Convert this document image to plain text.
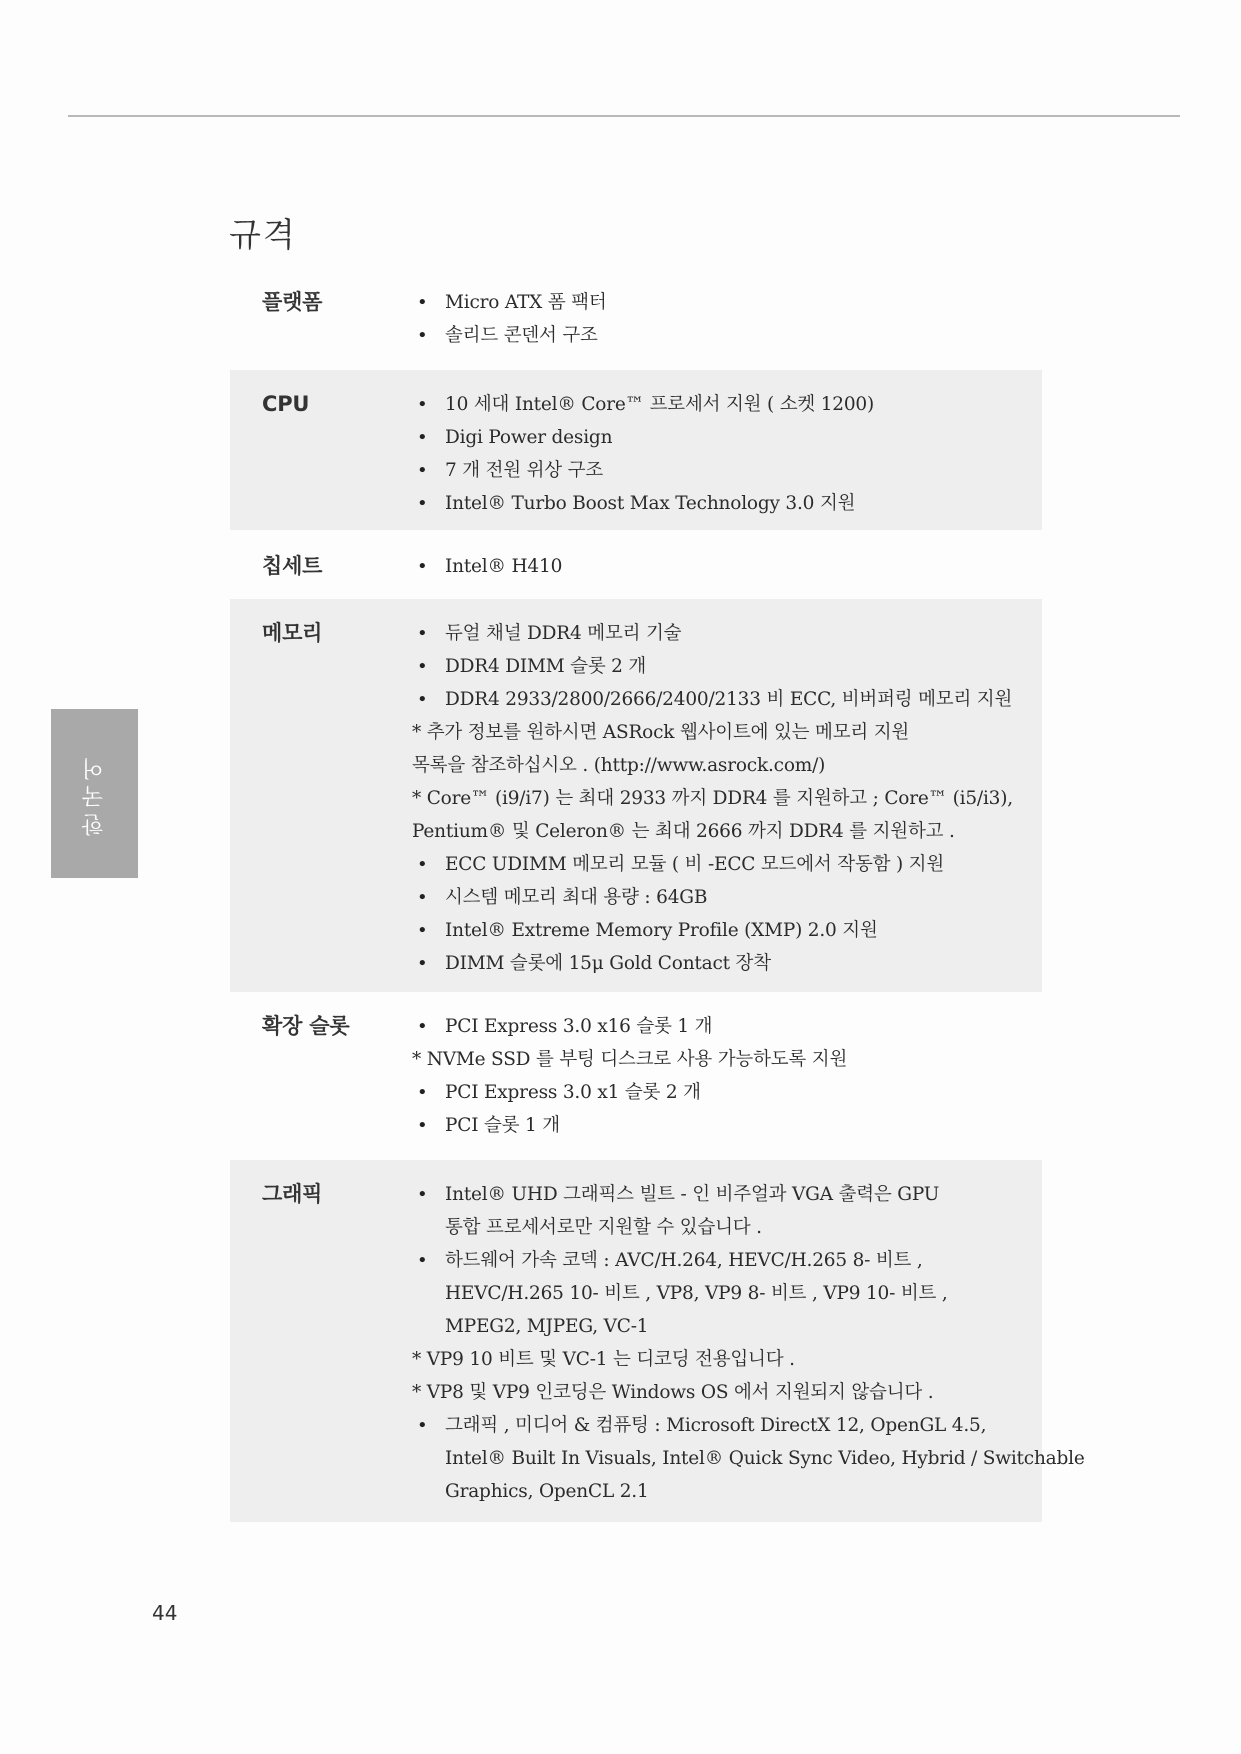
규격
한국어
플랫폼	• Micro ATX 폼 팩터
• 솔리드 콘덴서 구조
CPU	• 10 세대 Intel® Core™ 프로세서 지원 ( 소켓 1200)
• Digi Power design
• 7 개 전원 위상 구조
• Intel® Turbo Boost Max Technology 3.0 지원
칩세트	• Intel® H410
메모리	• 듀얼 채널 DDR4 메모리 기술
• DDR4 DIMM 슬롯 2 개
• DDR4 2933/2800/2666/2400/2133 비 ECC, 비버퍼링 메모리 지원
* 추가 정보를 원하시면 ASRock 웹사이트에 있는 메모리 지원
목록을 참조하십시오 . (http://www.asrock.com/)
* Core™ (i9/i7) 는 최대 2933 까지 DDR4 를 지원하고 ; Core™ (i5/i3),
Pentium® 및 Celeron® 는 최대 2666 까지 DDR4 를 지원하고 .
• ECC UDIMM 메모리 모듈 ( 비 -ECC 모드에서 작동함 ) 지원
• 시스템 메모리 최대 용량 : 64GB
• Intel® Extreme Memory Profile (XMP) 2.0 지원
• DIMM 슬롯에 15μ Gold Contact 장착
확장 슬롯	• PCI Express 3.0 x16 슬롯 1 개
* NVMe SSD 를 부팅 디스크로 사용 가능하도록 지원
• PCI Express 3.0 x1 슬롯 2 개
• PCI 슬롯 1 개
그래픽	• Intel® UHD 그래픽스 빌트 - 인 비주얼과 VGA 출력은 GPU
통합 프로세서로만 지원할 수 있습니다 .
• 하드웨어 가속 코덱 : AVC/H.264, HEVC/H.265 8- 비트 ,
HEVC/H.265 10- 비트 , VP8, VP9 8- 비트 , VP9 10- 비트 ,
MPEG2, MJPEG, VC-1
* VP9 10 비트 및 VC-1 는 디코딩 전용입니다 .
* VP8 및 VP9 인코딩은 Windows OS 에서 지원되지 않습니다 .
• 그래픽 , 미디어 & 컴퓨팅 : Microsoft DirectX 12, OpenGL 4.5,
Intel® Built In Visuals, Intel® Quick Sync Video, Hybrid / Switchable
Graphics, OpenCL 2.1
44
